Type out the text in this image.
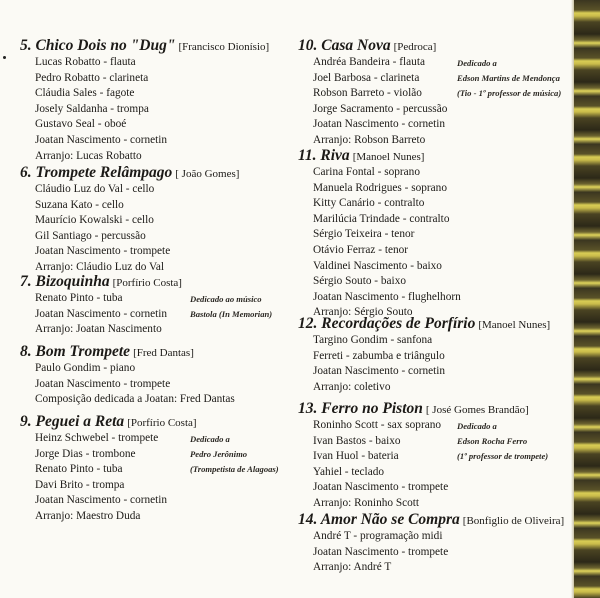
5. Chico Dois no "Dug" [Francisco Dionísio]
Lucas Robatto - flauta
Pedro Robatto - clarineta
Cláudia Sales - fagote
Josely Saldanha - trompa
Gustavo Seal - oboé
Joatan Nascimento - cornetin
Arranjo: Lucas Robatto
6. Trompete Relâmpago [ João Gomes]
Cláudio Luz do Val - cello
Suzana Kato - cello
Maurício Kowalski - cello
Gil Santiago - percussão
Joatan Nascimento - trompete
Arranjo: Cláudio Luz do Val
7. Bizoquinha [Porfírio Costa]
Renato Pinto - tuba
Joatan Nascimento - cornetin
Arranjo: Joatan Nascimento
Dedicado ao músico
Bastola (In Memorian)
8. Bom Trompete [Fred Dantas]
Paulo Gondim - piano
Joatan Nascimento - trompete
Composição dedicada a Joatan: Fred Dantas
9. Peguei a Reta [Porfírio Costa]
Heinz Schwebel - trompete
Jorge Dias - trombone
Renato Pinto - tuba
Davi Brito - trompa
Joatan Nascimento - cornetin
Arranjo: Maestro Duda
Dedicado a
Pedro Jerônimo
(Trompetista de Alagoas)
10. Casa Nova [Pedroca]
Andréa Bandeira - flauta
Joel Barbosa - clarineta
Robson Barreto - violão
Jorge Sacramento - percussão
Joatan Nascimento - cornetin
Arranjo: Robson Barreto
Dedicado a
Edson Martins de Mendonça
(Tio - 1º professor de música)
11. Riva [Manoel Nunes]
Carina Fontal - soprano
Manuela Rodrigues - soprano
Kitty Canário - contralto
Marilúcia Trindade - contralto
Sérgio Teixeira - tenor
Otávio Ferraz - tenor
Valdinei Nascimento - baixo
Sérgio Souto - baixo
Joatan Nascimento - flughelhorn
Arranjo: Sérgio Souto
12. Recordações de Porfírio [Manoel Nunes]
Targino Gondim - sanfona
Ferreti - zabumba e triângulo
Joatan Nascimento - cornetin
Arranjo: coletivo
13. Ferro no Piston [ José Gomes Brandão]
Roninho Scott - sax soprano
Ivan Bastos - baixo
Ivan Huol - bateria
Yahiel - teclado
Joatan Nascimento - trompete
Arranjo: Roninho Scott
Dedicado a
Edson Rocha Ferro
(1º professor de trompete)
14. Amor Não se Compra [Bonfiglio de Oliveira]
André T - programação midi
Joatan Nascimento - trompete
Arranjo: André T
